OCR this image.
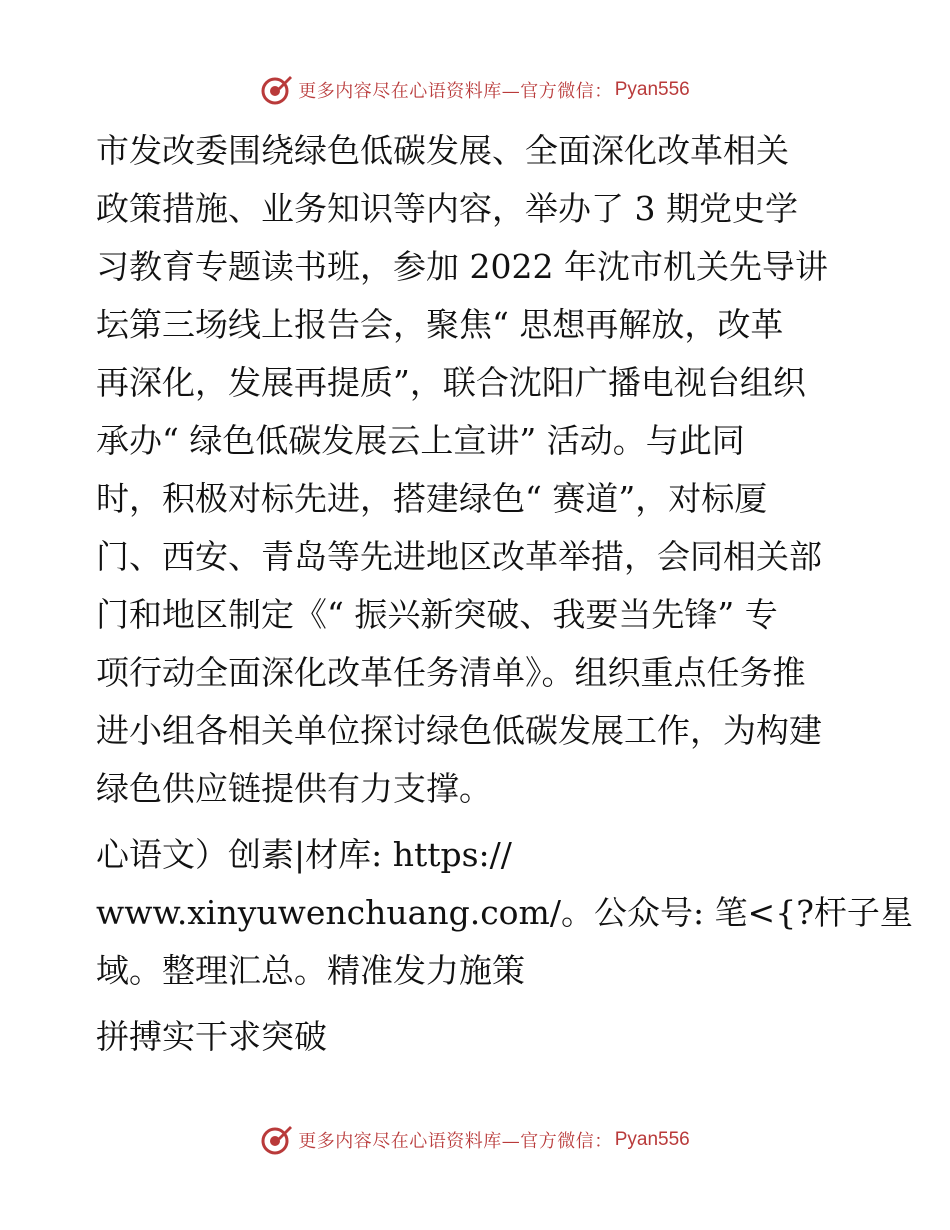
更多内容尽在心语资料库—官方微信： Pyan556
市发改委围绕绿色低碳发展、全面深化改革相关
政策措施、业务知识等内容，举办了 3 期党史学
习教育专题读书班，参加 2022 年沈市机关先导讲
坛第三场线上报告会，聚焦“ 思想再解放，改革
再深化，发展再提质”，联合沈阳广播电视台组织
承办“ 绿色低碳发展云上宣讲” 活动。与此同
时，积极对标先进，搭建绿色“ 赛道”，对标厦
门、西安、青岛等先进地区改革举措，会同相关部
门和地区制定《“ 振兴新突破、我要当先锋” 专
项行动全面深化改革任务清单》。组织重点任务推
进小组各相关单位探讨绿色低碳发展工作，为构建
绿色供应链提供有力支撑。
心语文）创素|材库: https://
www.xinyuwenchuang.com/。公众号: 笔<{?杆子星
域。整理汇总。精准发力施策
拼搏实干求突破
更多内容尽在心语资料库—官方微信： Pyan556
